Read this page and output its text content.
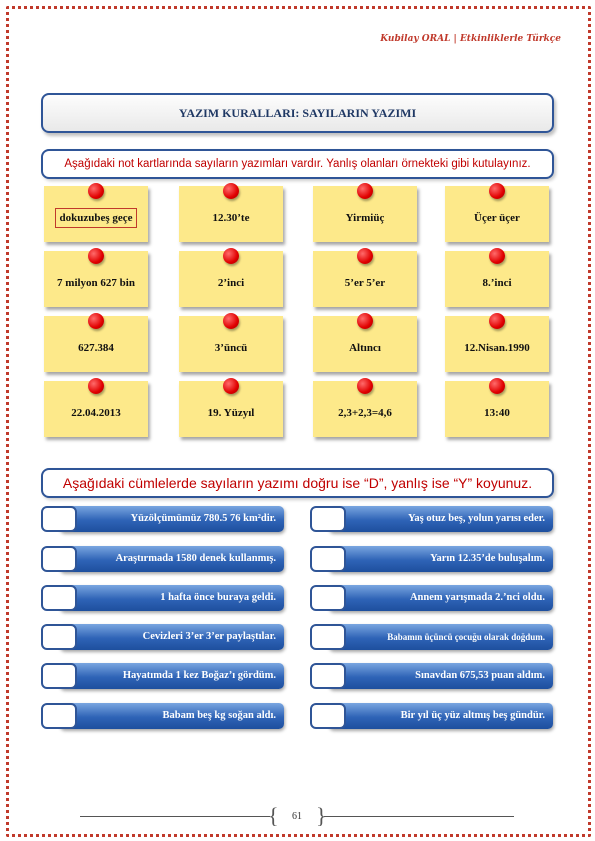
Kubilay ORAL | Etkinliklerle Türkçe
YAZIM KURALLARI: SAYILARIN YAZIMI
Aşağıdaki not kartlarında sayıların yazımları vardır. Yanlış olanları örnekteki gibi kutulayınız.
dokuzubeş geçe	12.30’te	Yirmiüç	Üçer üçer
7 milyon 627 bin	2’inci	5’er 5’er	8.’inci
627.384	3’üncü	Altıncı	12.Nisan.1990
22.04.2013	19. Yüzyıl	2,3+2,3=4,6	13:40
Aşağıdaki cümlelerde sayıların yazımı doğru ise “D”, yanlış ise “Y” koyunuz.
Yüzölçümümüz 780.5 76 km²dir.
Araştırmada 1580 denek kullanmış.
1 hafta önce buraya geldi.
Cevizleri 3’er 3’er paylaştılar.
Hayatımda 1 kez Boğaz’ı gördüm.
Babam beş kg soğan aldı.
Yaş otuz beş, yolun yarısı eder.
Yarın 12.35’de buluşalım.
Annem yarışmada 2.’nci oldu.
Babamın üçüncü çocuğu olarak doğdum.
Sınavdan 675,53 puan aldım.
Bir yıl üç yüz altmış beş gündür.
{ }
61
